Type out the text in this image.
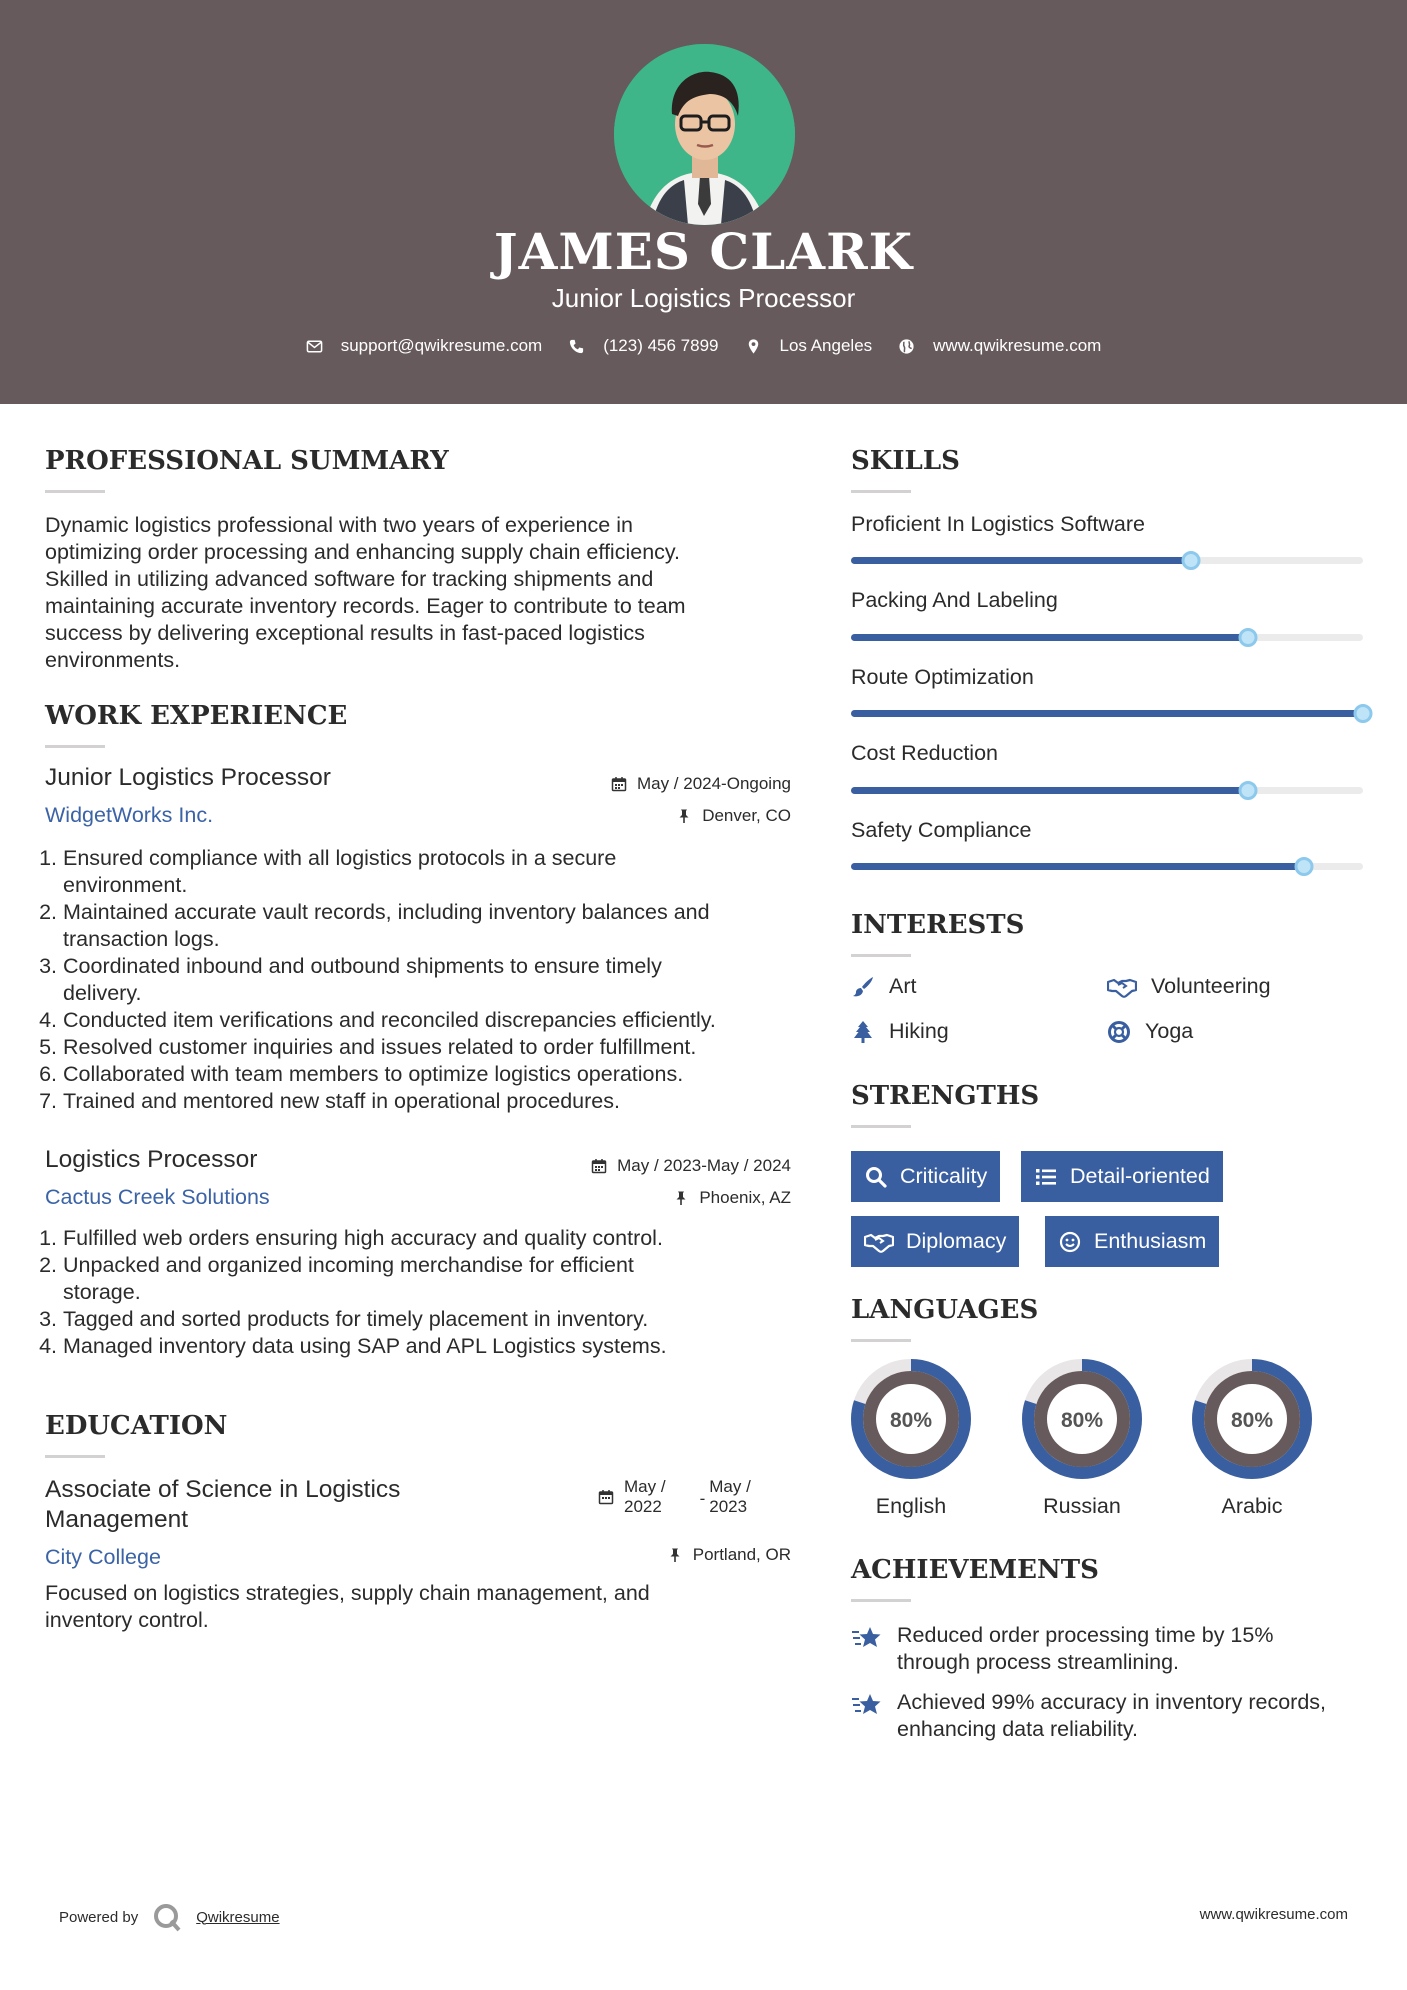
JAMES CLARK
Junior Logistics Processor
support@qwikresume.com	(123) 456 7899	Los Angeles	www.qwikresume.com
PROFESSIONAL SUMMARY
Dynamic logistics professional with two years of experience in
optimizing order processing and enhancing supply chain efficiency.
Skilled in utilizing advanced software for tracking shipments and
maintaining accurate inventory records. Eager to contribute to team
success by delivering exceptional results in fast-paced logistics
environments.
WORK EXPERIENCE
Junior Logistics Processor
WidgetWorks Inc.
May / 2024-Ongoing
Denver, CO
1. Ensured compliance with all logistics protocols in a secure
environment.
2. Maintained accurate vault records, including inventory balances and
transaction logs.
3. Coordinated inbound and outbound shipments to ensure timely
delivery.
4. Conducted item verifications and reconciled discrepancies efficiently.
5. Resolved customer inquiries and issues related to order fulfillment.
6. Collaborated with team members to optimize logistics operations.
7. Trained and mentored new staff in operational procedures.
Logistics Processor
Cactus Creek Solutions
May / 2023-May / 2024
Phoenix, AZ
1. Fulfilled web orders ensuring high accuracy and quality control.
2. Unpacked and organized incoming merchandise for efficient
storage.
3. Tagged and sorted products for timely placement in inventory.
4. Managed inventory data using SAP and APL Logistics systems.
EDUCATION
Associate of Science in Logistics
Management
City College
May /
2022 -
May /
2023
Portland, OR
Focused on logistics strategies, supply chain management, and
inventory control.
SKILLS
Proficient In Logistics Software
Packing And Labeling
Route Optimization
Cost Reduction
Safety Compliance
INTERESTS
Art	Volunteering
Hiking	Yoga
STRENGTHS
Criticality	Detail-oriented
Diplomacy	Enthusiasm
LANGUAGES
80%
English
80%
Russian
80%
Arabic
ACHIEVEMENTS
Reduced order processing time by 15%
through process streamlining.
Achieved 99% accuracy in inventory records,
enhancing data reliability.
Powered by	Qwikresume	www.qwikresume.com
